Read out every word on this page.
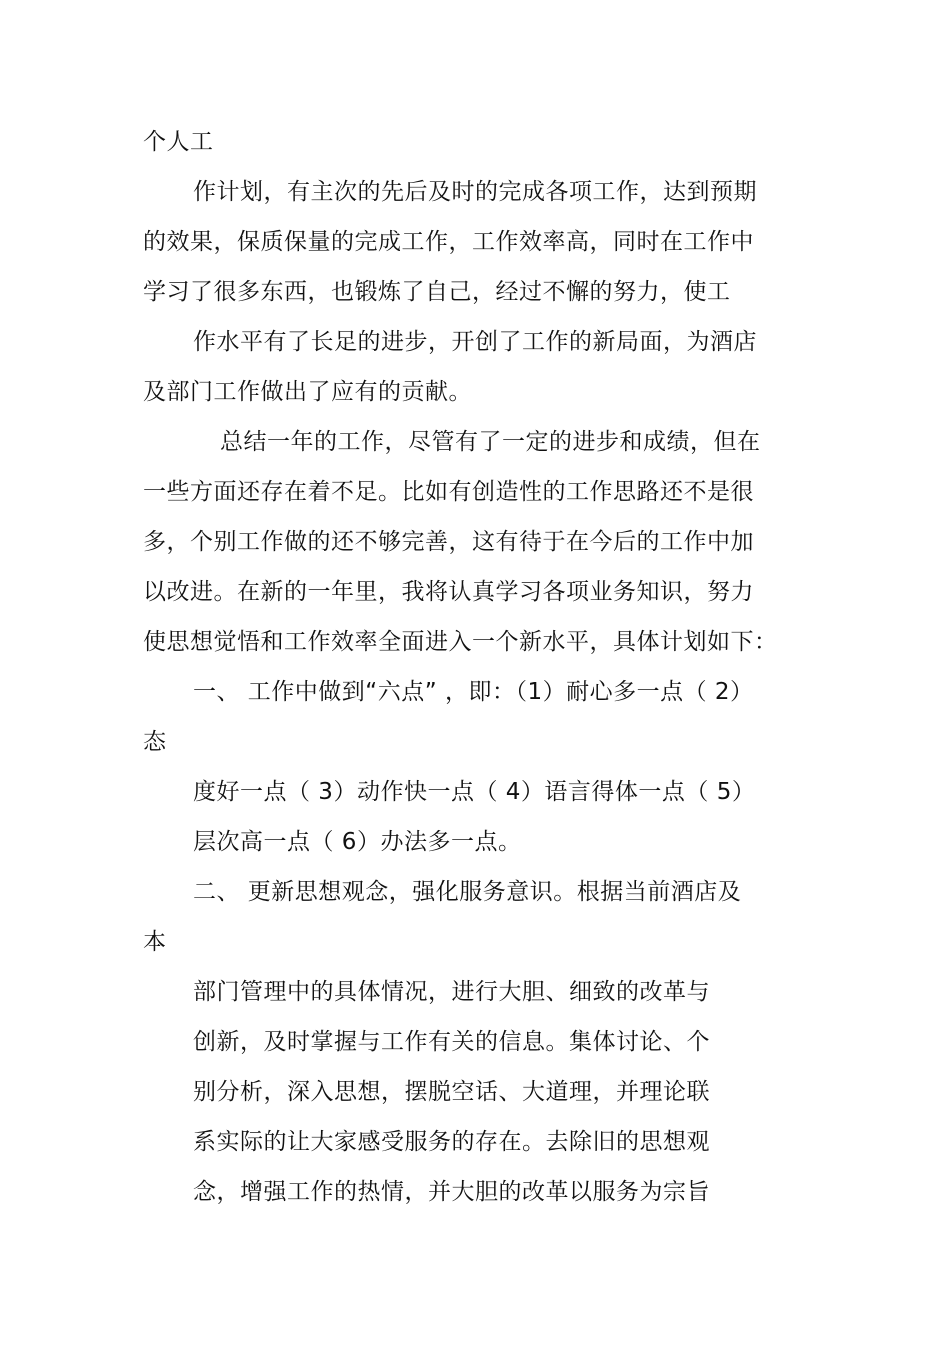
个人工
作计划，有主次的先后及时的完成各项工作，达到预期
的效果，保质保量的完成工作，工作效率高，同时在工作中
学习了很多东西，也锻炼了自己，经过不懈的努力，使工
作水平有了长足的进步，开创了工作的新局面，为酒店
及部门工作做出了应有的贡献。
总结一年的工作，尽管有了一定的进步和成绩，但在
一些方面还存在着不足。比如有创造性的工作思路还不是很
多，个别工作做的还不够完善，这有待于在今后的工作中加
以改进。在新的一年里，我将认真学习各项业务知识，努力
使思想觉悟和工作效率全面进入一个新水平，具体计划如下：
一、 工作中做到“六点” ，即：（1）耐心多一点（ 2）
态
度好一点（ 3）动作快一点（ 4）语言得体一点（ 5）
层次高一点（ 6）办法多一点。
二、 更新思想观念，强化服务意识。根据当前酒店及
本
部门管理中的具体情况，进行大胆、细致的改革与
创新，及时掌握与工作有关的信息。集体讨论、个
别分析，深入思想，摆脱空话、大道理，并理论联
系实际的让大家感受服务的存在。去除旧的思想观
念，增强工作的热情，并大胆的改革以服务为宗旨
